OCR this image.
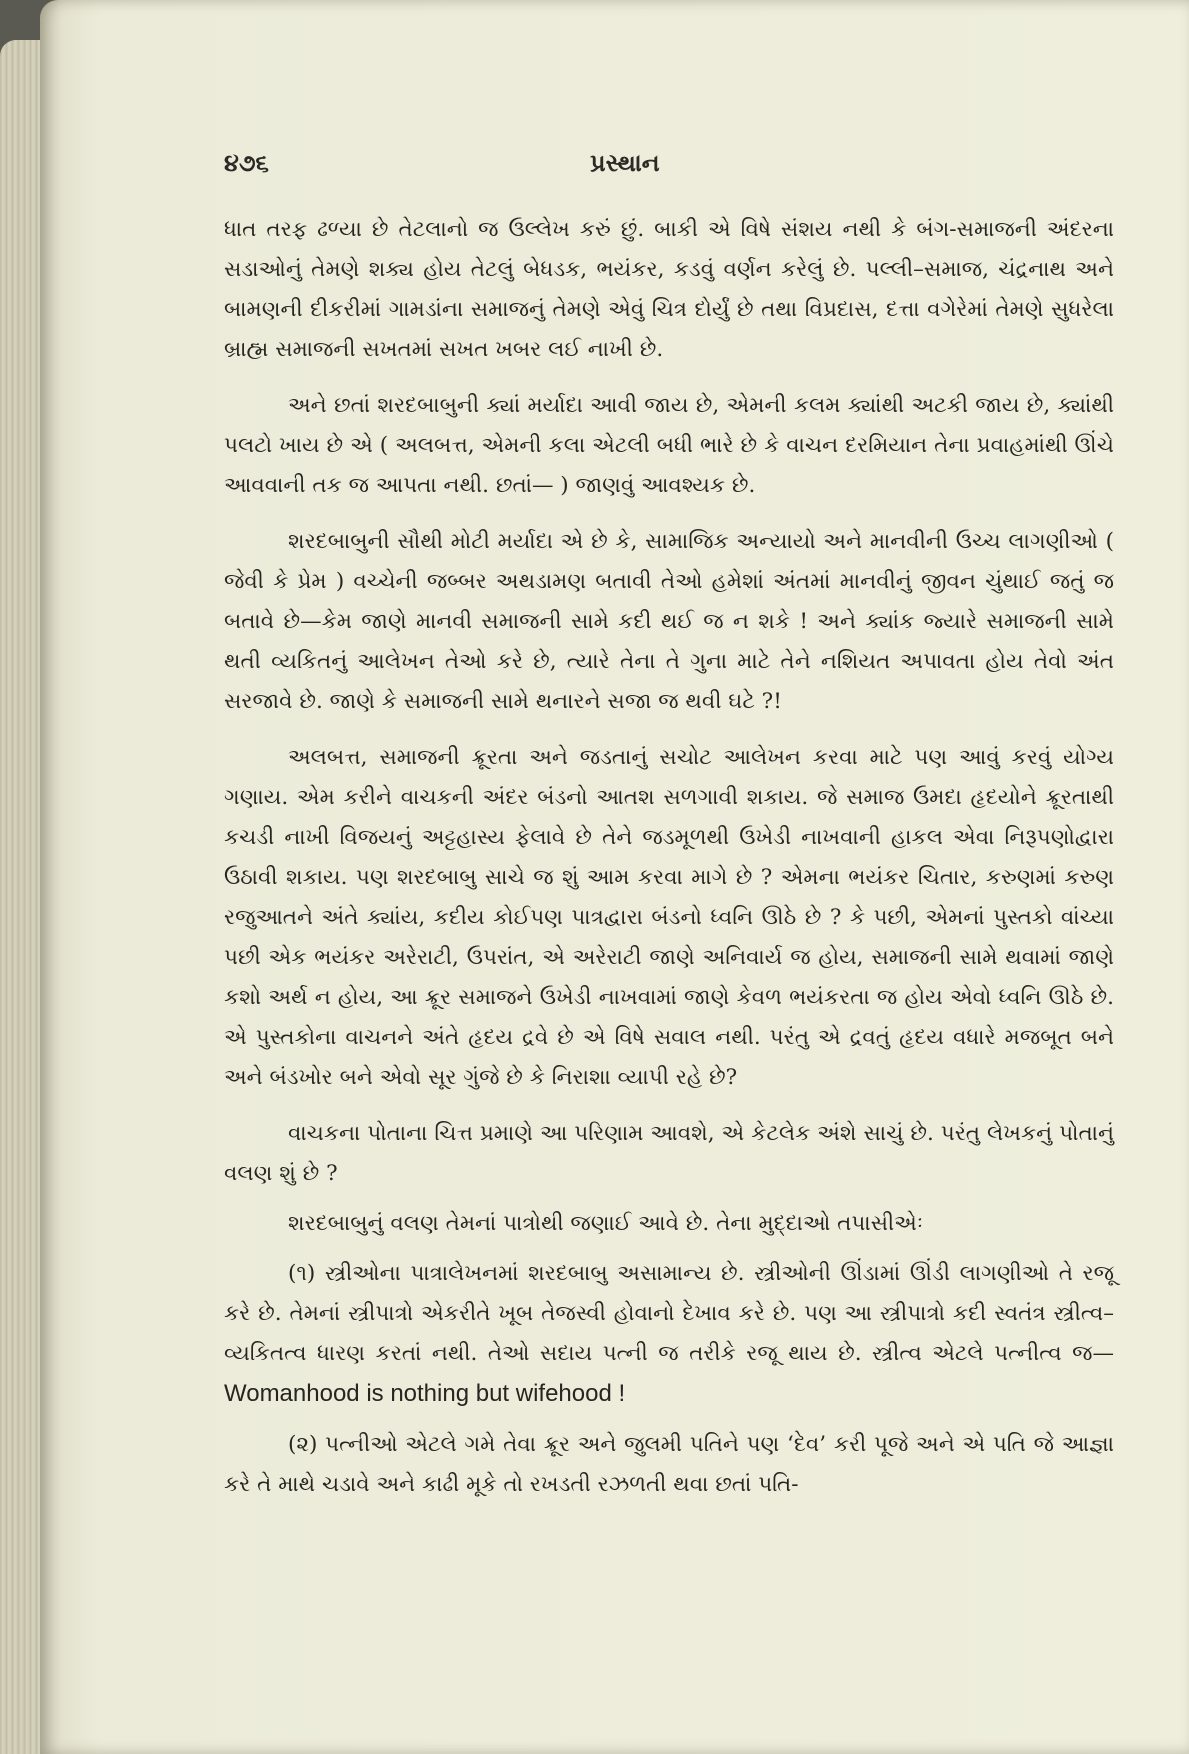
૪૭૬	પ્રસ્થાન

ધાત તરફ ઢળ્યા છે તેટલાનો જ ઉલ્લેખ કરું છું. બાકી એ વિષે સંશય નથી કે બંગ-સમાજની અંદરના સડાઓનું તેમણે શક્ય હોય તેટલું બેધડક, ભયંકર, કડવું વર્ણન કરેલું છે. પલ્લી–સમાજ, ચંદ્રનાથ અને બામણની દીકરીમાં ગામડાંના સમાજનું તેમણે એવું ચિત્ર દોર્યું છે તથા વિપ્રદાસ, દત્તા વગેરેમાં તેમણે સુધરેલા બ્રાહ્મ સમાજની સખતમાં સખત ખબર લઈ નાખી છે.

અને છતાં શરદબાબુની ક્યાં મર્યાદા આવી જાય છે, એમની કલમ ક્યાંથી અટકી જાય છે, ક્યાંથી પલટો ખાય છે એ ( અલબત્ત, એમની કલા એટલી બધી ભારે છે કે વાચન દરમિયાન તેના પ્રવાહમાંથી ઊંચે આવવાની તક જ આપતા નથી. છતાં— ) જાણવું આવશ્યક છે.

શરદબાબુની સૌથી મોટી મર્યાદા એ છે કે, સામાજિક અન્યાયો અને માનવીની ઉચ્ચ લાગણીઓ ( જેવી કે પ્રેમ ) વચ્ચેની જબ્બર અથડામણ બતાવી તેઓ હમેશાં અંતમાં માનવીનું જીવન ચુંથાઈ જતું જ બતાવે છે—કેમ જાણે માનવી સમાજની સામે કદી થઈ જ ન શકે ! અને ક્યાંક જ્યારે સમાજની સામે થતી વ્યકિતનું આલેખન તેઓ કરે છે, ત્યારે તેના તે ગુના માટે તેને નશિયત અપાવતા હોય તેવો અંત સરજાવે છે. જાણે કે સમાજની સામે થનારને સજા જ થવી ઘટે ?!

અલબત્ત, સમાજની ક્રૂરતા અને જડતાનું સચોટ આલેખન કરવા માટે પણ આવું કરવું યોગ્ય ગણાય. એમ કરીને વાચકની અંદર બંડનો આતશ સળગાવી શકાય. જે સમાજ ઉમદા હૃદયોને ક્રૂરતાથી કચડી નાખી વિજયનું અટ્ટહાસ્ય ફેલાવે છે તેને જડમૂળથી ઉખેડી નાખવાની હાકલ એવા નિરૂપણોદ્વારા ઉઠાવી શકાય. પણ શરદબાબુ સાચે જ શું આમ કરવા માગે છે ? એમના ભયંકર ચિતાર, કરુણમાં કરુણ રજુઆતને અંતે ક્યાંય, કદીય કોઈપણ પાત્રદ્વારા બંડનો ધ્વનિ ઊઠે છે ? કે પછી, એમનાં પુસ્તકો વાંચ્યા પછી એક ભયંકર અરેરાટી, ઉપરાંત, એ અરેરાટી જાણે અનિવાર્ય જ હોય, સમાજની સામે થવામાં જાણે કશો અર્થ ન હોય, આ ક્રૂર સમાજને ઉખેડી નાખવામાં જાણે કેવળ ભયંકરતા જ હોય એવો ધ્વનિ ઊઠે છે. એ પુસ્તકોના વાચનને અંતે હૃદય દ્રવે છે એ વિષે સવાલ નથી. પરંતુ એ દ્રવતું હૃદય વધારે મજબૂત બને અને બંડખોર બને એવો સૂર ગુંજે છે કે નિરાશા વ્યાપી રહે છે?

વાચકના પોતાના ચિત્ત પ્રમાણે આ પરિણામ આવશે, એ કેટલેક અંશે સાચું છે. પરંતુ લેખકનું પોતાનું વલણ શું છે ?

શરદબાબુનું વલણ તેમનાં પાત્રોથી જણાઈ આવે છે. તેના મુદ્દાઓ તપાસીએઃ

(૧) સ્ત્રીઓના પાત્રાલેખનમાં શરદબાબુ અસામાન્ય છે. સ્ત્રીઓની ઊંડામાં ઊંડી લાગણીઓ તે રજૂ કરે છે. તેમનાં સ્ત્રીપાત્રો એકરીતે ખૂબ તેજસ્વી હોવાનો દેખાવ કરે છે. પણ આ સ્ત્રીપાત્રો કદી સ્વતંત્ર સ્ત્રીત્વ–વ્યકિતત્વ ધારણ કરતાં નથી. તેઓ સદાય પત્ની જ તરીકે રજૂ થાય છે. સ્ત્રીત્વ એટલે પત્નીત્વ જ—Womanhood is nothing but wifehood !

(૨) પત્નીઓ એટલે ગમે તેવા ક્રૂર અને જુલમી પતિને પણ ‘દેવ’ કરી પૂજે અને એ પતિ જે આજ્ઞા કરે તે માથે ચડાવે અને કાઢી મૂકે તો રખડતી રઝળતી થવા છતાં પતિ-
